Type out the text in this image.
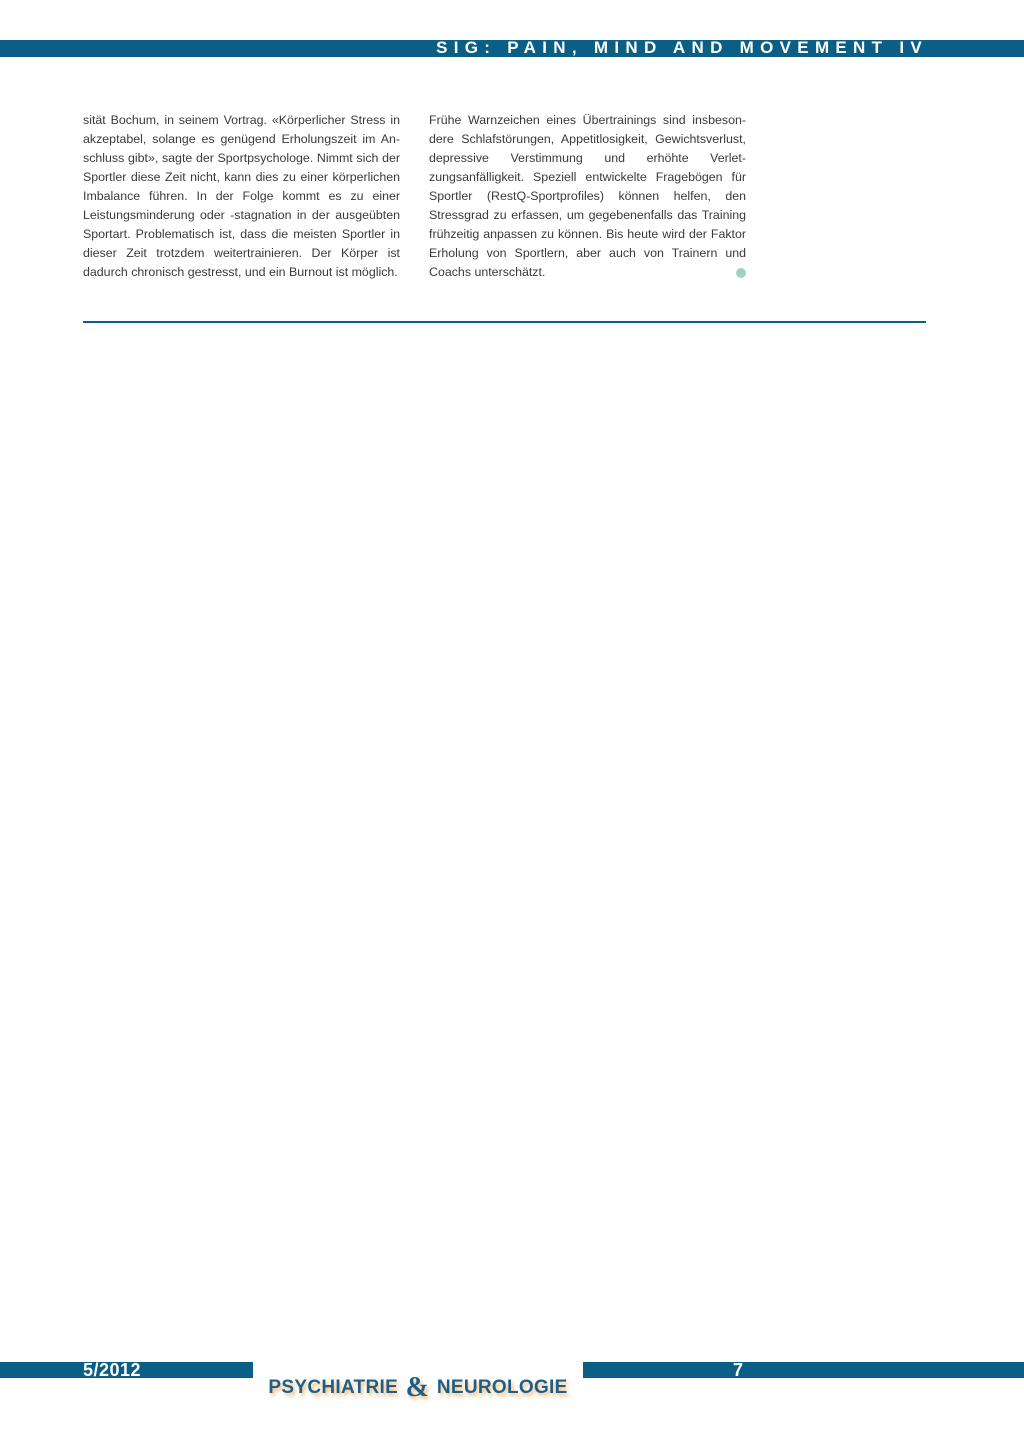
SIG: PAIN, MIND AND MOVEMENT IV

sität Bochum, in seinem Vortrag. «Körperlicher Stress in akzeptabel, solange es genügend Erholungszeit im Anschluss gibt», sagte der Sportpsychologe. Nimmt sich der Sportler diese Zeit nicht, kann dies zu einer körperlichen Imbalance führen. In der Folge kommt es zu einer Leistungsminderung oder -stagnation in der ausgeübten Sportart. Problematisch ist, dass die meisten Sportler in dieser Zeit trotzdem weitertrainieren. Der Körper ist dadurch chronisch gestresst, und ein Burnout ist möglich.

Frühe Warnzeichen eines Übertrainings sind insbesondere Schlafstörungen, Appetitlosigkeit, Gewichtsverlust, depressive Verstimmung und erhöhte Verletzungsanfälligkeit. Speziell entwickelte Fragebögen für Sportler (RestQ-Sportprofiles) können helfen, den Stressgrad zu erfassen, um gegebenenfalls das Training frühzeitig anpassen zu können. Bis heute wird der Faktor Erholung von Sportlern, aber auch von Trainern und Coachs unterschätzt.
5/2012	7
PSYCHIATRIE & NEUROLOGIE
